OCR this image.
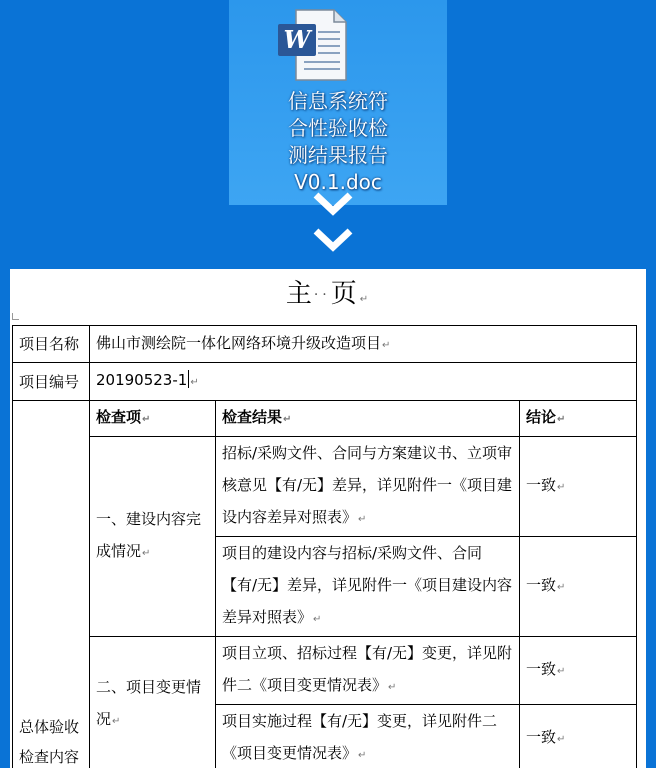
W
信息系统符
合性验收检
测结果报告
V0.1.doc
主··页↵
项目名称	佛山市测绘院一体化网络环境升级改造项目↵		
项目编号	20190523-1 ↵		
总体验收检查内容	检查项↵	检查结果↵	结论↵
	一、建设内容完成情况↵	招标/采购文件、合同与方案建议书、立项审核意见【有/无】差异，详见附件一《项目建设内容差异对照表》↵	一致↵
		项目的建设内容与招标/采购文件、合同【有/无】差异，详见附件一《项目建设内容差异对照表》↵	一致↵
	二、项目变更情况↵	项目立项、招标过程【有/无】变更，详见附件二《项目变更情况表》↵	一致↵
		项目实施过程【有/无】变更，详见附件二《项目变更情况表》↵	一致↵
